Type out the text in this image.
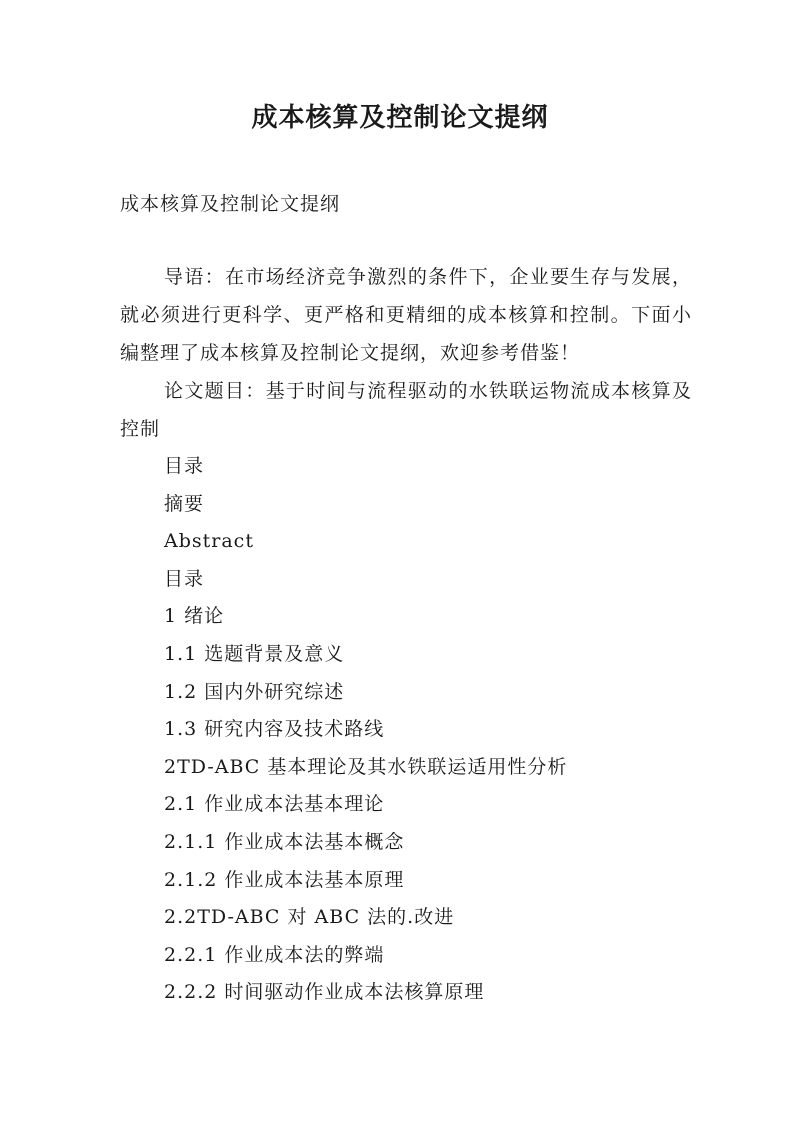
成本核算及控制论文提纲

成本核算及控制论文提纲

导语：在市场经济竞争激烈的条件下，企业要生存与发展，就必须进行更科学、更严格和更精细的成本核算和控制。下面小编整理了成本核算及控制论文提纲，欢迎参考借鉴！

论文题目：基于时间与流程驱动的水铁联运物流成本核算及控制

目录
摘要
Abstract
目录
1 绪论
1.1 选题背景及意义
1.2 国内外研究综述
1.3 研究内容及技术路线
2TD-ABC 基本理论及其水铁联运适用性分析
2.1 作业成本法基本理论
2.1.1 作业成本法基本概念
2.1.2 作业成本法基本原理
2.2TD-ABC 对 ABC 法的.改进
2.2.1 作业成本法的弊端
2.2.2 时间驱动作业成本法核算原理
